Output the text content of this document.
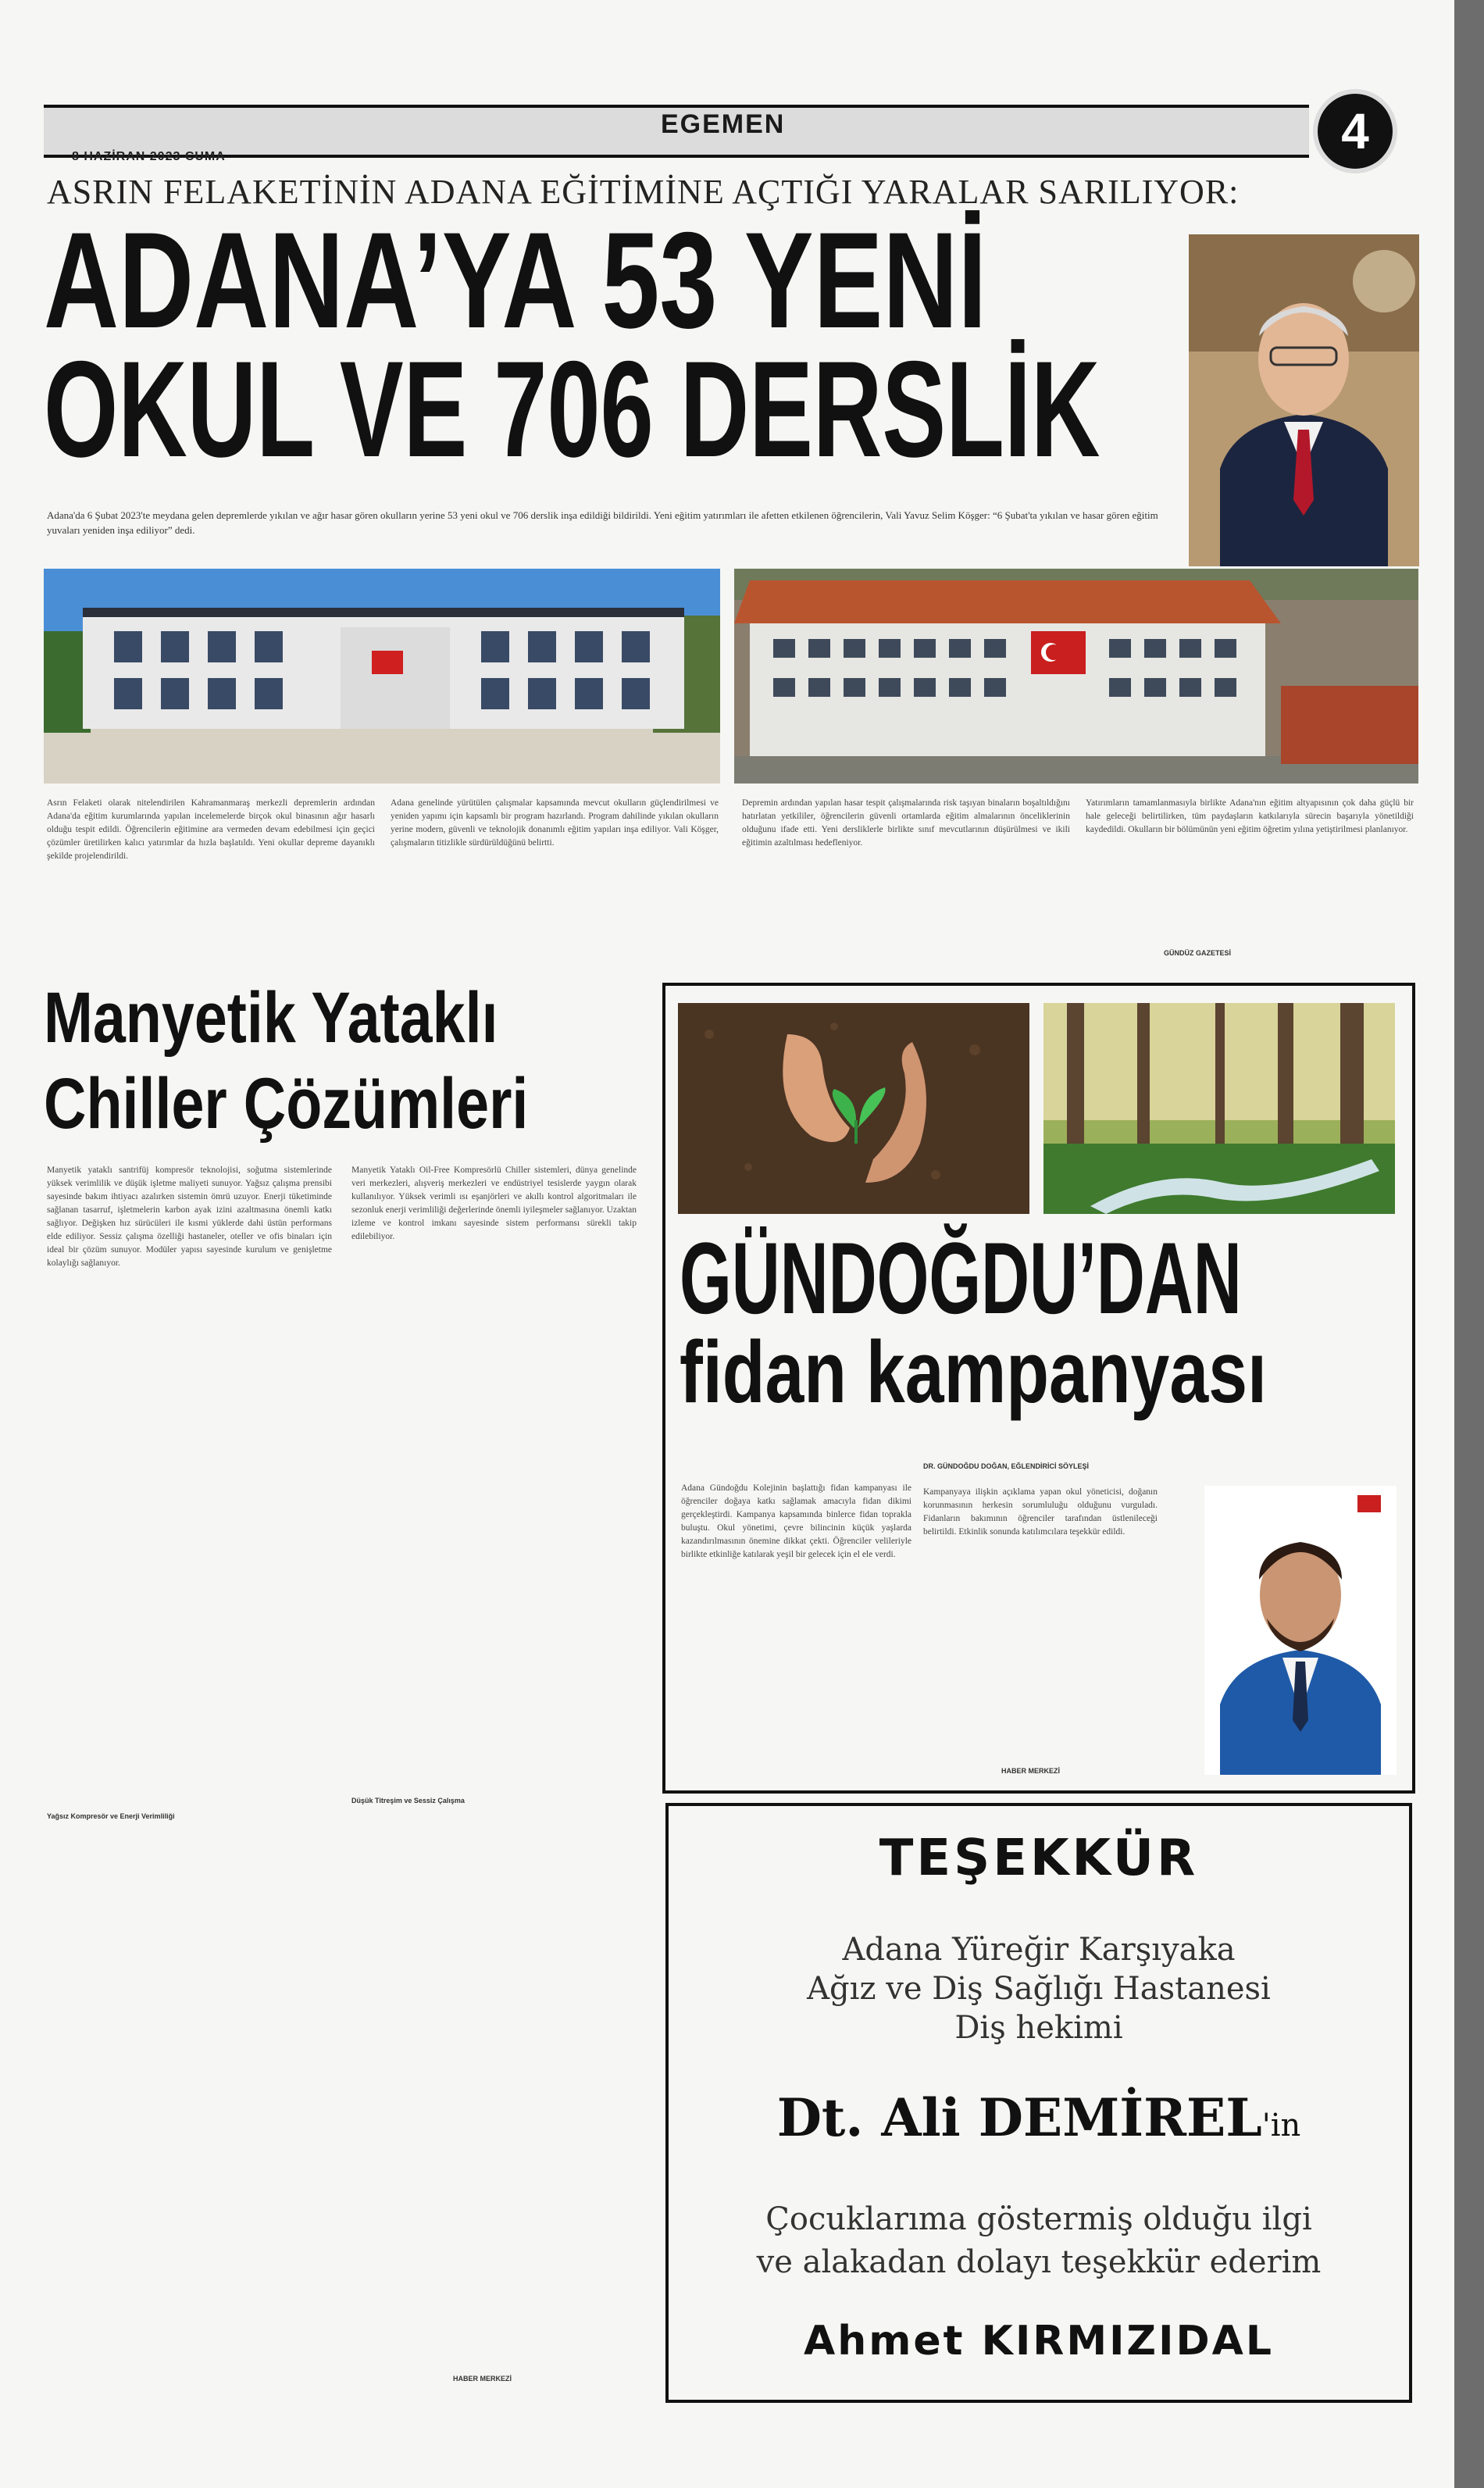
8 HAZİRAN 2023 CUMA
EGEMEN	4
ASRIN FELAKETİNİN ADANA EĞİTİMİNE AÇTIĞI YARALAR SARILIYOR:
ADANA’YA 53 YENİ
OKUL VE 706 DERSLİK
Adana'da 6 Şubat 2023'te meydana gelen depremlerde yıkılan ve ağır hasar gören okulların yerine 53 yeni okul ve 706 derslik inşa edildiği bildirildi. Yeni eğitim yatırımları ile afetten etkilenen öğrencilerin, Vali Yavuz Selim Köşger: “6 Şubat'ta yıkılan ve hasar gören eğitim yuvaları yeniden inşa ediliyor” dedi.
Asrın Felaketi olarak nitelendirilen Kahramanmaraş merkezli depremlerin ardından Adana'da eğitim kurumlarında yapılan incelemelerde birçok okul binasının ağır hasarlı olduğu tespit edildi. Öğrencilerin eğitimine ara vermeden devam edebilmesi için geçici çözümler üretilirken kalıcı yatırımlar da hızla başlatıldı. Yeni okullar depreme dayanıklı şekilde projelendirildi.
Adana genelinde yürütülen çalışmalar kapsamında mevcut okulların güçlendirilmesi ve yeniden yapımı için kapsamlı bir program hazırlandı. Program dahilinde yıkılan okulların yerine modern, güvenli ve teknolojik donanımlı eğitim yapıları inşa ediliyor. Vali Köşger, çalışmaların titizlikle sürdürüldüğünü belirtti.
Depremin ardından yapılan hasar tespit çalışmalarında risk taşıyan binaların boşaltıldığını hatırlatan yetkililer, öğrencilerin güvenli ortamlarda eğitim almalarının önceliklerinin olduğunu ifade etti. Yeni dersliklerle birlikte sınıf mevcutlarının düşürülmesi ve ikili eğitimin azaltılması hedefleniyor.
Yatırımların tamamlanmasıyla birlikte Adana'nın eğitim altyapısının çok daha güçlü bir hale geleceği belirtilirken, tüm paydaşların katkılarıyla sürecin başarıyla yönetildiği kaydedildi. Okulların bir bölümünün yeni eğitim öğretim yılına yetiştirilmesi planlanıyor.
GÜNDÜZ GAZETESİ
Manyetik Yataklı
Chiller Çözümleri
Manyetik yataklı santrifüj kompresör teknolojisi, soğutma sistemlerinde yüksek verimlilik ve düşük işletme maliyeti sunuyor. Yağsız çalışma prensibi sayesinde bakım ihtiyacı azalırken sistemin ömrü uzuyor. Enerji tüketiminde sağlanan tasarruf, işletmelerin karbon ayak izini azaltmasına önemli katkı sağlıyor. Değişken hız sürücüleri ile kısmi yüklerde dahi üstün performans elde ediliyor. Sessiz çalışma özelliği hastaneler, oteller ve ofis binaları için ideal bir çözüm sunuyor. Modüler yapısı sayesinde kurulum ve genişletme kolaylığı sağlanıyor.
Manyetik Yataklı Oil-Free Kompresörlü Chiller sistemleri, dünya genelinde veri merkezleri, alışveriş merkezleri ve endüstriyel tesislerde yaygın olarak kullanılıyor. Yüksek verimli ısı eşanjörleri ve akıllı kontrol algoritmaları ile sezonluk enerji verimliliği değerlerinde önemli iyileşmeler sağlanıyor. Uzaktan izleme ve kontrol imkanı sayesinde sistem performansı sürekli takip edilebiliyor.
Yağsız Kompresör ve Enerji Verimliliği
Düşük Titreşim ve Sessiz Çalışma
HABER MERKEZİ
GÜNDOĞDU’DAN
fidan kampanyası
Adana Gündoğdu Kolejinin başlattığı fidan kampanyası ile öğrenciler doğaya katkı sağlamak amacıyla fidan dikimi gerçekleştirdi. Kampanya kapsamında binlerce fidan toprakla buluştu. Okul yönetimi, çevre bilincinin küçük yaşlarda kazandırılmasının önemine dikkat çekti. Öğrenciler velileriyle birlikte etkinliğe katılarak yeşil bir gelecek için el ele verdi.
DR. GÜNDOĞDU DOĞAN, EĞLENDİRİCİ SÖYLEŞİ
Kampanyaya ilişkin açıklama yapan okul yöneticisi, doğanın korunmasının herkesin sorumluluğu olduğunu vurguladı. Fidanların bakımının öğrenciler tarafından üstlenileceği belirtildi. Etkinlik sonunda katılımcılara teşekkür edildi.
HABER MERKEZİ
TEŞEKKÜR
Adana Yüreğir Karşıyaka
Ağız ve Diş Sağlığı Hastanesi
Diş hekimi
Dt. Ali DEMİREL'in
Çocuklarıma göstermiş olduğu ilgi
ve alakadan dolayı teşekkür ederim
Ahmet KIRMIZIDAL
